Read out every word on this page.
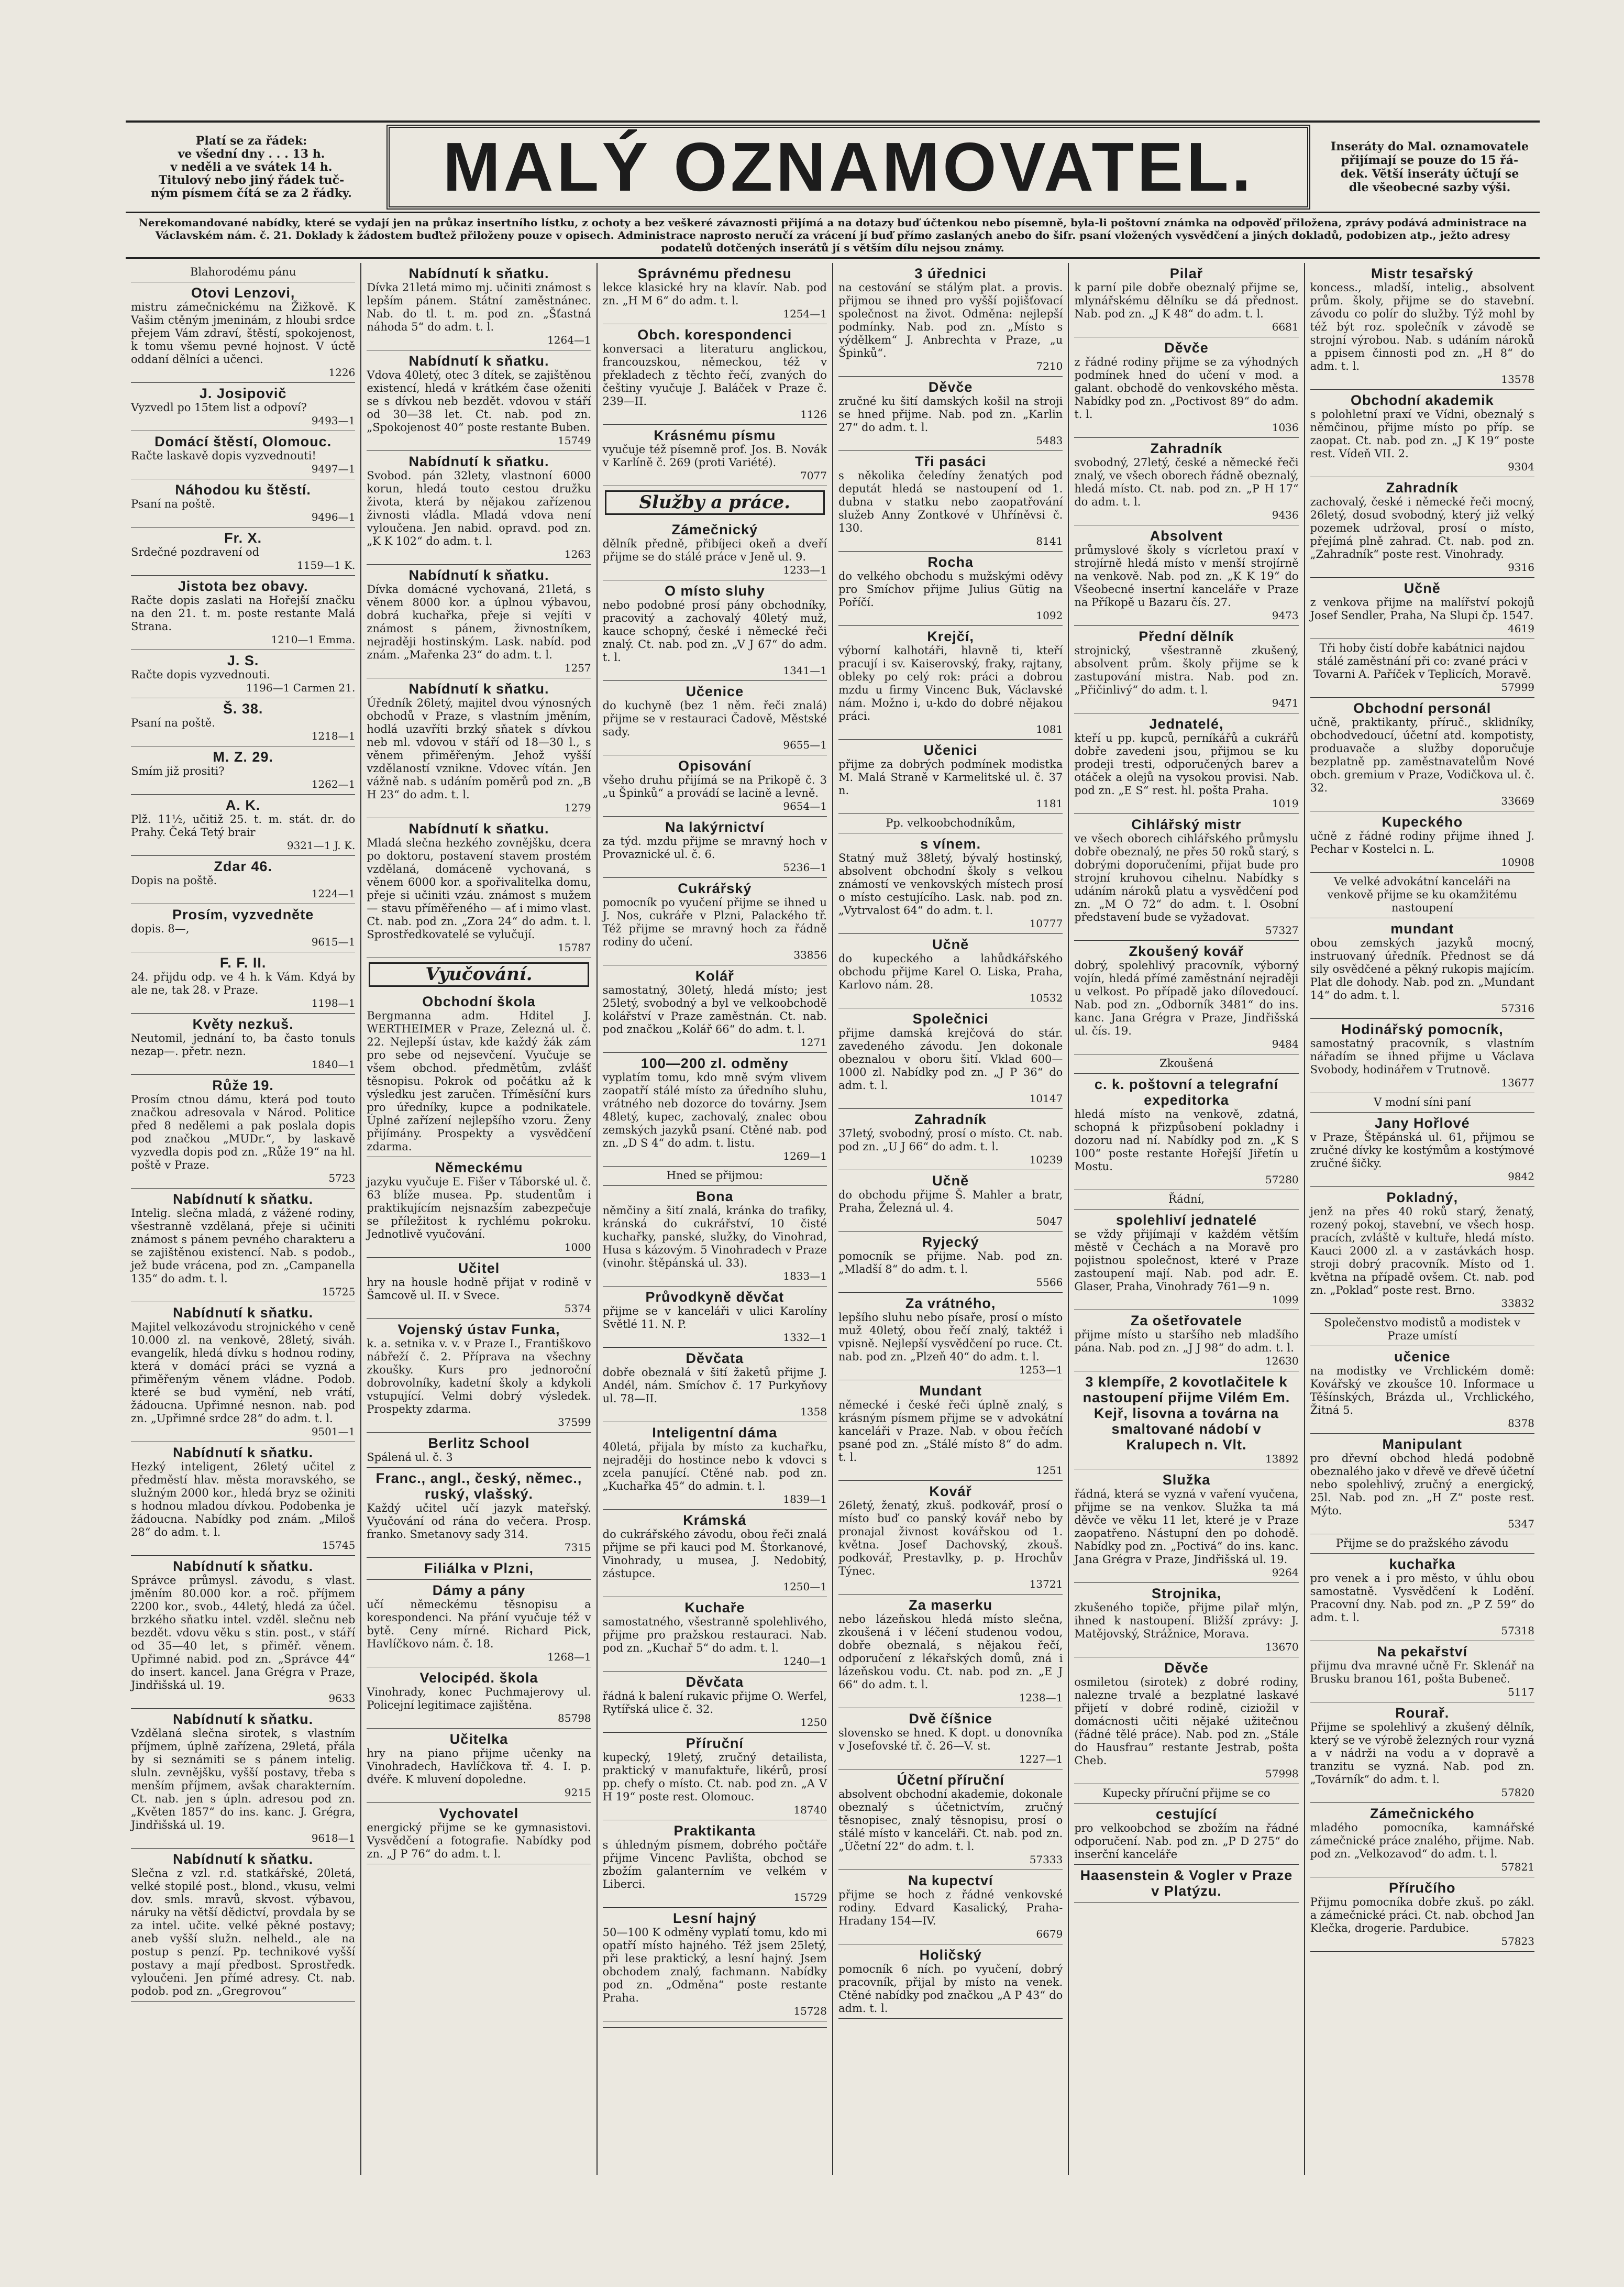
Platí se za řádek:
ve všední dny . . . 13 h.
v neděli a ve svátek 14 h.
Titulový nebo jiný řádek tuč-
ným písmem čítá se za 2 řádky.	MALÝ OZNAMOVATEL.	Inseráty do Mal. oznamovatele
přijímají se pouze do 15 řá-
dek. Větší inseráty účtují se
dle všeobecné sazby výši.
Nerekomandované nabídky, které se vydají jen na průkaz insertního lístku, z ochoty a bez veškeré závaznosti přijímá a na dotazy buď účtenkou nebo písemně, byla-li poštovní známka na odpověď přiložena, zprávy podává administrace na Václavském nám. č. 21. Doklady k žádostem buďtež přiloženy pouze v opisech. Administrace naprosto neručí za vrácení jí buď přímo zaslaných anebo do šifr. psaní vložených vysvědčení a jiných dokladů, podobizen atp., ježto adresy podatelů dotčených inserátů jí s větším dílu nejsou známy.
Blahorodému pánu
Otovi Lenzovi,
mistru zámečnickému na Žižkově. K Vašim ctěným jmeninám, z hloubi srdce přejem Vám zdraví, štěstí, spokojenost, k tomu všemu pevné hojnost. V úctě oddaní dělníci a učenci.
1226
J. Josipovič
Vyzvedl po 15tem list a odpoví?
9493—1
Domácí štěstí, Olomouc.
Račte laskavě dopis vyzvednouti!
9497—1
Náhodou ku štěstí.
Psaní na poště.
9496—1
Fr. X.
Srdečné pozdravení od
1159—1 K.
Jistota bez obavy.
Račte dopis zaslati na Hořejší značku na den 21. t. m. poste restante Malá Strana.
1210—1 Emma.
J. S.
Račte dopis vyzvednouti.
1196—1 Carmen 21.
Š. 38.
Psaní na poště.
1218—1
M. Z. 29.
Smím již prositi?
1262—1
A. K.
Plž. 11½, učitiž 25. t. m. stát. dr. do Prahy. Čeká Tetý brair
9321—1 J. K.
Zdar 46.
Dopis na poště.
1224—1
Prosím, vyzvedněte
dopis. 8—,
9615—1
F. F. II.
24. přijdu odp. ve 4 h. k Vám. Kdyá by ale ne, tak 28. v Praze.
1198—1
Květy nezkuš.
Neutomil, jednání to, ba často tonuls nezap—. přetr. nezn.
1840—1
Růže 19.
Prosím ctnou dámu, která pod touto značkou adresovala v Národ. Politice před 8 nedělemi a pak poslala dopis pod značkou „MUDr.“, by laskavě vyzvedla dopis pod zn. „Růže 19“ na hl. poště v Praze.
5723
Nabídnutí k sňatku.
Intelig. slečna mladá, z vážené rodiny, všestranně vzdělaná, přeje si učiniti známost s pánem pevného charakteru a se zajištěnou existencí. Nab. s podob., jež bude vrácena, pod zn. „Campanella 135“ do adm. t. l.
15725
Nabídnutí k sňatku.
Majitel velkozávodu strojnického v ceně 10.000 zl. na venkově, 28letý, siváh. evangelík, hledá dívku s hodnou rodiny, která v domácí práci se vyzná a přiměřeným věnem vládne. Podob. které se bud vymění, neb vrátí, žádoucna. Upřimné nesnon. nab. pod zn. „Upřimné srdce 28“ do adm. t. l.
9501—1
Nabídnutí k sňatku.
Hezký inteligent, 26letý učitel z předměstí hlav. města moravského, se služným 2000 kor., hledá bryz se ožiniti s hodnou mladou dívkou. Podobenka je žádoucna. Nabídky pod znám. „Miloš 28“ do adm. t. l.
15745
Nabídnutí k sňatku.
Správce průmysl. závodu, s vlast. jměním 80.000 kor. a roč. příjmem 2200 kor., svob., 44letý, hledá za účel. brzkého sňatku intel. vzděl. slečnu neb bezdět. vdovu věku s stin. post., v stáří od 35—40 let, s přiměř. věnem. Upřimné nabid. pod zn. „Správce 44“ do insert. kancel. Jana Grégra v Praze, Jindřišská ul. 19.
9633
Nabídnutí k sňatku.
Vzdělaná slečna sirotek, s vlastním příjmem, úplně zařízena, 29letá, přála by si seznámiti se s pánem intelig. sluln. zevnějšku, vyšší postavy, třeba s menším příjmem, avšak charakterním. Ct. nab. jen s úpln. adresou pod zn. „Květen 1857“ do ins. kanc. J. Grégra, Jindřišská ul. 19.
9618—1
Nabídnutí k sňatku.
Slečna z vzl. r.d. statkářské, 20letá, velké stopilé post., blond., vkusu, velmi dov. smls. mravů, skvost. výbavou, náruky na větší dědictví, provdala by se za intel. učite. velké pěkné postavy; aneb vyšší služn. nelheld., ale na postup s penzí. Pp. technikové vyšší postavy a mají předbost. Sprostředk. vyloučeni. Jen přímé adresy. Ct. nab. podob. pod zn. „Gregrovou“
Nabídnutí k sňatku.
Dívka 21letá mimo mj. učiniti známost s lepším pánem. Státní zaměstnánec. Nab. do tl. t. m. pod zn. „Šťastná náhoda 5“ do adm. t. l.
1264—1
Nabídnutí k sňatku.
Vdova 40letý, otec 3 dítek, se zajištěnou existencí, hledá v krátkém čase oženiti se s dívkou neb bezdět. vdovou v stáří od 30—38 let. Ct. nab. pod zn. „Spokojenost 40“ poste restante Buben.
15749
Nabídnutí k sňatku.
Svobod. pán 32lety, vlastnoní 6000 korun, hledá touto cestou družku života, která by nějakou zařízenou živnosti vládla. Mladá vdova není vyloučena. Jen nabid. opravd. pod zn. „K K 102“ do adm. t. l.
1263
Nabídnutí k sňatku.
Dívka domácné vychovaná, 21letá, s věnem 8000 kor. a úplnou výbavou, dobrá kuchařka, přeje si vejíti v známost s pánem, živnostníkem, nejraději hostinským. Lask. nabíd. pod znám. „Mařenka 23“ do adm. t. l.
1257
Nabídnutí k sňatku.
Úředník 26letý, majitel dvou výnosných obchodů v Praze, s vlastním jměním, hodlá uzavříti brzký sňatek s dívkou neb ml. vdovou v stáří od 18—30 l., s věnem přiměřeným. Jehož vyšší vzdělaností vznikne. Vdovec vítán. Jen vážně nab. s udáním poměrů pod zn. „B H 23“ do adm. t. l.
1279
Nabídnutí k sňatku.
Mladá slečna hezkého zovnějšku, dcera po doktoru, postavení stavem prostém vzdělaná, domáceně vychovaná, s věnem 6000 kor. a spořivalitelka domu, přeje si učiniti vzáu. známost s mužem — stavu příměřeného — ať i mimo vlast. Ct. nab. pod zn. „Zora 24“ do adm. t. l. Sprostředkovatelé se vylučují.
15787
Vyučování.
Obchodní škola
Bergmanna adm. Hditel J. WERTHEIMER v Praze, Zelezná ul. č. 22. Nejlepší ústav, kde každý žák zám pro sebe od nejsevčení. Vyučuje se všem obchod. předmětům, zvlášť těsnopisu. Pokrok od počátku až k výsledku jest zaručen. Tříměsíční kurs pro úředníky, kupce a podnikatele. Úplné zařízení nejlepšího vzoru. Ženy přijímány. Prospekty a vysvědčení zdarma.
Německému
jazyku vyučuje E. Fišer v Táborské ul. č. 63 blíže musea. Pp. studentům i praktikujícím nejsnazším zabezpečuje se příležitost k rychlému pokroku. Jednotlivě vyučování.
1000
Učitel
hry na housle hodně přijat v rodině v Šamcově ul. II. v Svece.
5374
Vojenský ústav Funka,
k. a. setnika v. v. v Praze I., Františkovo nábřeží č. 2. Příprava na všechny zkoušky. Kurs pro jednoroční dobrovolníky, kadetní školy a kdykoli vstupující. Velmi dobrý výsledek. Prospekty zdarma.
37599
Berlitz School
Spálená ul. č. 3
Franc., angl., český, němec., ruský, vlašský.
Každý učitel učí jazyk mateřský. Vyučování od rána do večera. Prosp. franko. Smetanovy sady 314.
7315
Filiálka v Plzni,
Dámy a pány
učí německému těsnopisu a korespondenci. Na přání vyučuje též v bytě. Ceny mírné. Richard Pick, Havlíčkovo nám. č. 18.
1268—1
Velocipéd. škola
Vinohrady, konec Puchmajerovy ul. Policejní legitimace zajištěna.
85798
Učitelka
hry na piano přijme učenky na Vinohradech, Havlíčkova tř. 4. I. p. dvéře. K mluvení dopoledne.
9215
Vychovatel
energický přijme se ke gymnasistovi. Vysvědčení a fotografie. Nabídky pod zn. „J P 76“ do adm. t. l.
Správnému přednesu
lekce klasické hry na klavír. Nab. pod zn. „H M 6“ do adm. t. l.
1254—1
Obch. korespondenci
konversaci a literaturu anglickou, francouzskou, německou, též v překladech z těchto řečí, zvaných do češtiny vyučuje J. Baláček v Praze č. 239—II.
1126
Krásnému písmu
vyučuje též písemně prof. Jos. B. Novák v Karlíně č. 269 (proti Variété).
7077
Služby a práce.
Zámečnický
dělník předně, přibíjeci okeň a dveří přijme se do stálé práce v Jeně ul. 9.
1233—1
O místo sluhy
nebo podobné prosí pány obchodníky, pracovitý a zachovalý 40letý muž, kauce schopný, české i německé řeči znalý. Ct. nab. pod zn. „V J 67“ do adm. t. l.
1341—1
Učenice
do kuchyně (bez 1 něm. řeči znalá) přijme se v restauraci Čadově, Městské sady.
9655—1
Opisování
všeho druhu přijímá se na Prikopě č. 3 „u Špinků“ a provádí se lacině a levně.
9654—1
Na lakýrnictví
za týd. mzdu přijme se mravný hoch v Provaznické ul. č. 6.
5236—1
Cukrářský
pomocník po vyučení přijme se ihned u J. Nos, cukráře v Plzni, Palackého tř. Též přijme se mravný hoch za řádně rodiny do učení.
33856
Kolář
samostatný, 30letý, hledá místo; jest 25letý, svobodný a byl ve velkoobchodě kolářství v Praze zaměstnán. Ct. nab. pod značkou „Kolář 66“ do adm. t. l.
1271
100—200 zl. odměny
vyplatím tomu, kdo mně svým vlivem zaopatří stálé místo za úředního sluhu, vrátného neb dozorce do továrny. Jsem 48letý, kupec, zachovalý, znalec obou zemských jazyků psaní. Ctěné nab. pod zn. „D S 4“ do adm. t. listu.
1269—1
Hned se přijmou:
Bona
němčiny a šití znalá, kránka do trafiky, kránská do cukrářství, 10 čisté kuchařky, panské, služky, do Vinohrad, Husa s kázovým. 5 Vinohradech v Praze (vinohr. štěpánská ul. 33).
1833—1
Průvodkyně děvčat
přijme se v kanceláři v ulici Karolíny Světlé 11. N. P.
1332—1
Děvčata
dobře obeznalá v šití žaketů přijme J. Andél, nám. Smíchov č. 17 Purkyňovy ul. 78—II.
1358
Inteligentní dáma
40letá, přijala by místo za kuchařku, nejraději do hostince nebo k vdovci s zcela panující. Ctěné nab. pod zn. „Kuchařka 45“ do admin. t. l.
1839—1
Krámská
do cukrářského závodu, obou řeči znalá přijme se při kauci pod M. Štorkanové, Vinohrady, u musea, J. Nedobitý, zástupce.
1250—1
Kuchaře
samostatného, všestranně spolehlivého, přijme pro pražskou restauraci. Nab. pod zn. „Kuchař 5“ do adm. t. l.
1240—1
Děvčata
řádná k balení rukavic přijme O. Werfel, Rytířská ulice č. 32.
1250
Příruční
kupecký, 19letý, zručný detailista, praktický v manufaktuře, likérů, prosí pp. chefy o místo. Ct. nab. pod zn. „A V H 19“ poste rest. Olomouc.
18740
Praktikanta
s úhledným písmem, dobrého počtáře přijme Vincenc Pavlišta, obchod se zbožím galanterním ve velkém v Liberci.
15729
Lesní hajný
50—100 K odměny vyplatí tomu, kdo mi opatří místo hajného. Též jsem 25letý, při lese praktický, a lesní hajný. Jsem obchodem znalý, fachmann. Nabídky pod zn. „Odměna“ poste restante Praha.
15728
3 úřednici
na cestování se stálým plat. a provis. přijmou se ihned pro vyšší pojišťovací společnost na život. Odměna: nejlepší podmínky. Nab. pod zn. „Místo s výdělkem“ J. Anbrechta v Praze, „u Špinků“.
7210
Děvče
zručné ku šití damských košil na stroji se hned přijme. Nab. pod zn. „Karlin 27“ do adm. t. l.
5483
Tři pasáci
s několika čeledíny ženatých pod deputát hledá se nastoupení od 1. dubna v statku nebo zaopatřování služeb Anny Zontkové v Uhříněvsi č. 130.
8141
Rocha
do velkého obchodu s mužskými oděvy pro Smíchov přijme Julius Gütig na Poříčí.
1092
Krejčí,
výborní kalhotáři, hlavně ti, kteří pracují i sv. Kaiserovský, fraky, rajtany, obleky po celý rok: práci a dobrou mzdu u firmy Vincenc Buk, Václavské nám. Možno i, u-kdo do dobré nějakou práci.
1081
Učenici
přijme za dobrých podmínek modistka M. Malá Straně v Karmelitské ul. č. 37 n.
1181
Pp. velkoobchodníkům,
s vínem.
Statný muž 38letý, bývalý hostinský, absolvent obchodní školy s velkou známostí ve venkovských místech prosí o místo cestujícího. Lask. nab. pod zn. „Vytrvalost 64“ do adm. t. l.
10777
Učně
do kupeckého a lahůdkářského obchodu přijme Karel O. Liska, Praha, Karlovo nám. 28.
10532
Společnici
přijme damská krejčová do stár. zavedeného závodu. Jen dokonale obeznalou v oboru šití. Vklad 600—1000 zl. Nabídky pod zn. „J P 36“ do adm. t. l.
10147
Zahradník
37letý, svobodný, prosí o místo. Ct. nab. pod zn. „U J 66“ do adm. t. l.
10239
Učně
do obchodu přijme Š. Mahler a bratr, Praha, Železná ul. 4.
5047
Ryjecký
pomocník se přijme. Nab. pod zn. „Mladší 8“ do adm. t. l.
5566
Za vrátného,
lepšího sluhu nebo písaře, prosí o místo muž 40letý, obou řečí znalý, taktéž i vpisně. Nejlepší vysvědčení po ruce. Ct. nab. pod zn. „Plzeň 40“ do adm. t. l.
1253—1
Mundant
německé i české řeči úplně znalý, s krásným písmem přijme se v advokátní kanceláři v Praze. Nab. v obou řečích psané pod zn. „Stálé místo 8“ do adm. t. l.
1251
Kovář
26letý, ženatý, zkuš. podkovář, prosí o místo buď co panský kovář nebo by pronajal živnost kovářskou od 1. května. Josef Dachovský, zkouš. podkovář, Prestavlky, p. p. Hrochův Týnec.
13721
Za maserku
nebo lázeňskou hledá místo slečna, zkoušená i v léčení studenou vodou, dobře obeznalá, s nějakou řečí, odporučení z lékařských domů, zná i lázeňskou vodu. Ct. nab. pod zn. „E J 66“ do adm. t. l.
1238—1
Dvě číšnice
slovensko se hned. K dopt. u donovníka v Josefovské tř. č. 26—V. st.
1227—1
Účetní příruční
absolvent obchodní akademie, dokonale obeznalý s účetnictvím, zručný těsnopisec, znalý těsnopisu, prosí o stálé místo v kanceláři. Ct. nab. pod zn. „Účetní 22“ do adm. t. l.
57333
Na kupectví
přijme se hoch z řádné venkovské rodiny. Edvard Kasalický, Praha-Hradany 154—IV.
6679
Holičský
pomocník 6 ních. po vyučení, dobrý pracovník, přijal by místo na venek. Ctěné nabídky pod značkou „A P 43“ do adm. t. l.
Pilař
k parní pile dobře obeznalý přijme se, mlynářskému dělníku se dá přednost. Nab. pod zn. „J K 48“ do adm. t. l.
6681
Děvče
z řádné rodiny přijme se za výhodných podmínek hned do učení v mod. a galant. obchodě do venkovského města. Nabídky pod zn. „Poctivost 89“ do adm. t. l.
1036
Zahradník
svobodný, 27letý, české a německé řeči znalý, ve všech oborech řádně obeznalý, hledá místo. Ct. nab. pod zn. „P H 17“ do adm. t. l.
9436
Absolvent
průmyslové školy s vícrletou praxí v strojírně hledá místo v menší strojírně na venkově. Nab. pod zn. „K K 19“ do Všeobecné insertní kanceláře v Praze na Příkopě u Bazaru čís. 27.
9473
Přední dělník
strojnický, všestranně zkušený, absolvent prům. školy přijme se k zastupování mistra. Nab. pod zn. „Přičinlivý“ do adm. t. l.
9471
Jednatelé,
kteří u pp. kupců, perníkářů a cukrářů dobře zavedeni jsou, přijmou se ku prodeji tresti, odporučených barev a otáček a olejů na vysokou provisi. Nab. pod zn. „E S“ rest. hl. pošta Praha.
1019
Cihlářský mistr
ve všech oborech cihlářského průmyslu dobře obeznalý, ne přes 50 roků starý, s dobrými doporučeními, přijat bude pro strojní kruhovou cihelnu. Nabídky s udáním nároků platu a vysvědčení pod zn. „M O 72“ do adm. t. l. Osobní představení bude se vyžadovat.
57327
Zkoušený kovář
dobrý, spolehlivý pracovník, výborný vojín, hledá přímé zaměstnání nejraději u velkost. Po případě jako dílovedoucí. Nab. pod zn. „Odborník 3481“ do ins. kanc. Jana Grégra v Praze, Jindřišská ul. čís. 19.
9484
Zkoušená
c. k. poštovní a telegrafní expeditorka
hledá místo na venkově, zdatná, schopná k přizpůsobení pokladny i dozoru nad ní. Nabídky pod zn. „K S 100“ poste restante Hořejší Jiřetín u Mostu.
57280
Řádní,
spolehliví jednatelé
se vždy přijímají v každém větším městě v Čechách a na Moravě pro pojistnou společnost, které v Praze zastoupení mají. Nab. pod adr. E. Glaser, Praha, Vinohrady 761—9 n.
1099
Za ošetřovatele
přijme místo u staršího neb mladšího pána. Nab. pod zn. „J J 98“ do adm. t. l.
12630
3 klempíře, 2 kovotlačitele k nastoupení přijme Vilém Em. Kejř, lisovna a továrna na smaltované nádobí v Kralupech n. Vlt.
13892
Služka
řádná, která se vyzná v vaření vyučena, přijme se na venkov. Služka ta má děvče ve věku 11 let, které je v Praze zaopatřeno. Nástupní den po dohodě. Nabídky pod zn. „Poctivá“ do ins. kanc. Jana Grégra v Praze, Jindřišská ul. 19.
9264
Strojnika,
zkušeného topiče, přijme pilař mlýn, ihned k nastoupení. Bližší zprávy: J. Matějovský, Strážnice, Morava.
13670
Děvče
osmiletou (sirotek) z dobré rodiny, nalezne trvalé a bezplatné laskavé přijetí v dobré rodině, ciziožil v domácnosti učiti nějaké užitečnou (řádné tělé práce). Nab. pod zn. „Stále do Hausfrau“ restante Jestrab, pošta Cheb.
57998
Kupecky příruční přijme se co
cestující
pro velkoobchod se zbožím na řádné odporučení. Nab. pod zn. „P D 275“ do inserční kanceláře
Haasenstein & Vogler v Praze v Platýzu.
Mistr tesařský
koncess., mladší, intelig., absolvent prům. školy, přijme se do stavební. závodu co polír do služby. Týž mohl by též být roz. společník v závodě se strojní výrobou. Nab. s udáním nároků a ppisem činnosti pod zn. „H 8“ do adm. t. l.
13578
Obchodní akademik
s polohletní praxí ve Vídni, obeznalý s němčinou, přijme místo po příp. se zaopat. Ct. nab. pod zn. „J K 19“ poste rest. Vídeň VII. 2.
9304
Zahradník
zachovalý, české i německé řeči mocný, 26letý, dosud svobodný, který již velký pozemek udržoval, prosí o místo, přejímá plně zahrad. Ct. nab. pod zn. „Zahradník“ poste rest. Vinohrady.
9316
Učně
z venkova přijme na malířství pokojů Josef Sendler, Praha, Na Slupi čp. 1547.
4619
Tři hoby čistí dobře kabátnici najdou stálé zaměstnání při co: zvané práci v Tovarni A. Paříček v Teplicích, Moravě.
57999
Obchodní personál
učně, praktikanty, příruč., sklidníky, obchodvedoucí, účetní atd. kompotisty, produavače a služby doporučuje bezplatně pp. zaměstnavatelům Nové obch. gremium v Praze, Vodičkova ul. č. 32.
33669
Kupeckého
učně z řádné rodiny přijme ihned J. Pechar v Kostelci n. L.
10908
Ve velké advokátní kanceláři na venkově přijme se ku okamžitému nastoupení
mundant
obou zemských jazyků mocný, instruovaný úředník. Přednost se dá sily osvědčené a pěkný rukopis majícím. Plat dle dohody. Nab. pod zn. „Mundant 14“ do adm. t. l.
57316
Hodinářský pomocník,
samostatný pracovník, s vlastním nářadím se ihned přijme u Václava Svobody, hodinářem v Trutnově.
13677
V modní síni paní
Jany Hořlové
v Praze, Štěpánská ul. 61, přijmou se zručné dívky ke kostýmům a kostýmové zručné šičky.
9842
Pokladný,
jenž na přes 40 roků starý, ženatý, rozený pokoj, stavební, ve všech hosp. pracích, zvláště v kultuře, hledá místo. Kauci 2000 zl. a v zastávkách hosp. stroji dobrý pracovník. Místo od 1. května na případě ovšem. Ct. nab. pod zn. „Poklad“ poste rest. Brno.
33832
Společenstvo modistů a modistek v Praze umístí
učenice
na modistky ve Vrchlickém domě: Kovářský ve zkoušce 10. Informace u Těšínských, Brázda ul., Vrchlického, Žitná 5.
8378
Manipulant
pro dřevní obchod hledá podobně obeznalého jako v dřevě ve dřevě účetní nebo spolehlivý, zručný a energický, 25l. Nab. pod zn. „H Z“ poste rest. Mýto.
5347
Přijme se do pražského závodu
kuchařka
pro venek a i pro město, v úhlu obou samostatně. Vysvědčení k Lodění. Pracovní dny. Nab. pod zn. „P Z 59“ do adm. t. l.
57318
Na pekařství
přijmu dva mravné učně Fr. Sklenář na Brusku branou 161, pošta Bubeneč.
5117
Rourař.
Přijme se spolehlivý a zkušený dělník, který se ve výrobě železných rour vyzná a v nádrži na vodu a v dopravě a tranzitu se vyzná. Nab. pod zn. „Továrník“ do adm. t. l.
57820
Zámečnického
mladého pomocníka, kamnářské zámečnické práce znalého, přijme. Nab. pod zn. „Velkozavod“ do adm. t. l.
57821
Příručího
Přijmu pomocníka dobře zkuš. po zákl. a zámečnické práci. Ct. nab. obchod Jan Klečka, drogerie. Pardubice.
57823
